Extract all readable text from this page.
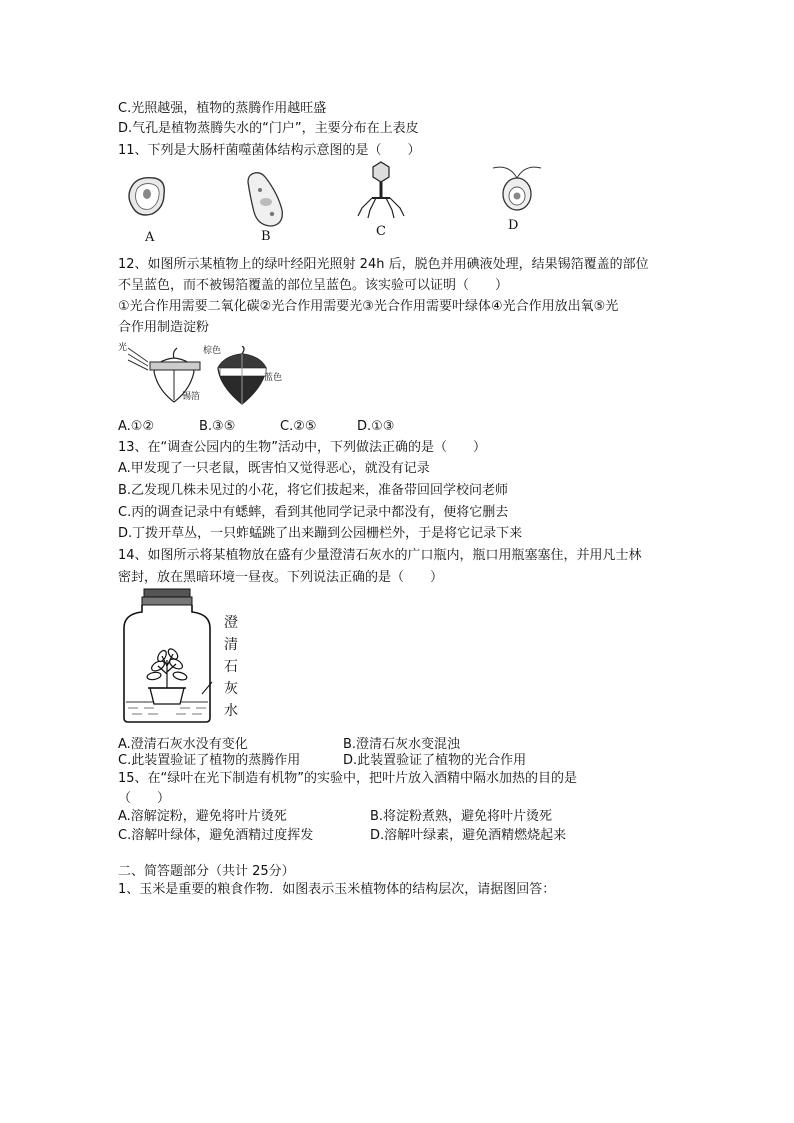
C.光照越强，植物的蒸腾作用越旺盛
D.气孔是植物蒸腾失水的“门户”，主要分布在上表皮
11、下列是大肠杆菌噬菌体结构示意图的是（　　）
A	B	C	D
12、如图所示某植物上的绿叶经阳光照射 24h 后，脱色并用碘液处理，结果锡箔覆盖的部位
不呈蓝色，而不被锡箔覆盖的部位呈蓝色。该实验可以证明（　　）
①光合作用需要二氧化碳②光合作用需要光③光合作用需要叶绿体④光合作用放出氧⑤光
合作用制造淀粉
光
锡箔
棕色
蓝色
A.①②	B.③⑤	C.②⑤	D.①③
13、在“调查公园内的生物”活动中，下列做法正确的是（　　）
A.甲发现了一只老鼠，既害怕又觉得恶心，就没有记录
B.乙发现几株未见过的小花，将它们拔起来，准备带回回学校问老师
C.丙的调查记录中有蟋蟀，看到其他同学记录中都没有，便将它删去
D.丁拨开草丛，一只蚱蜢跳了出来蹦到公园栅栏外，于是将它记录下来
14、如图所示将某植物放在盛有少量澄清石灰水的广口瓶内，瓶口用瓶塞塞住，并用凡士林
密封，放在黑暗环境一昼夜。下列说法正确的是（　　）
澄
清
石
灰
水
A.澄清石灰水没有变化	B.澄清石灰水变混浊
C.此装置验证了植物的蒸腾作用	D.此装置验证了植物的光合作用
15、在“绿叶在光下制造有机物”的实验中，把叶片放入酒精中隔水加热的目的是
（　　）
A.溶解淀粉，避免将叶片烫死	B.将淀粉煮熟，避免将叶片烫死
C.溶解叶绿体，避免酒精过度挥发	D.溶解叶绿素，避免酒精燃烧起来
二、简答题部分（共计 25分）
1、玉米是重要的粮食作物．如图表示玉米植物体的结构层次，请据图回答：
